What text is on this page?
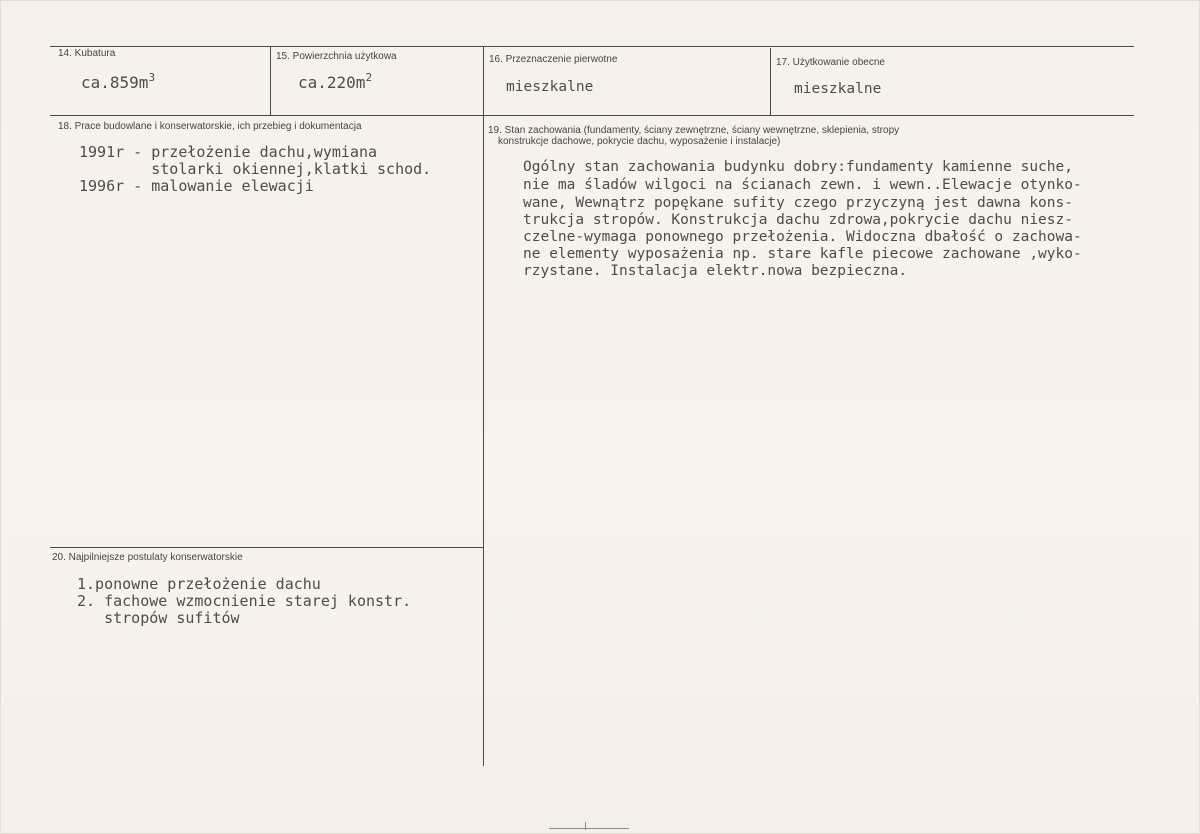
14. Kubatura
$ca.859m^3$
15. Powierzchnia użytkowa
$ca.220m^2$
16. Przeznaczenie pierwotne
mieszkalne
17. Użytkowanie obecne
mieszkalne
18. Prace budowlane i konserwatorskie, ich przebieg i dokumentacja
1991r - przełożenie dachu,wymiana
stolarki okiennej,klatki schod.
1996r - malowanie elewacji
19. Stan zachowania (fundamenty, ściany zewnętrzne, ściany wewnętrzne, sklepienia, stropy
konstrukcje dachowe, pokrycie dachu, wyposażenie i instalacje)
Ogólny stan zachowania budynku dobry:fundamenty kamienne suche,
nie ma śladów wilgoci na ścianach zewn. i wewn..Elewacje otynko-
wane, Wewnątrz popękane sufity czego przyczyną jest dawna kons-
trukcja stropów. Konstrukcja dachu zdrowa,pokrycie dachu niesz-
czelne-wymaga ponownego przełożenia. Widoczna dbałość o zachowa-
ne elementy wyposażenia np. stare kafle piecowe zachowane ,wyko-
rzystane. Instalacja elektr.nowa bezpieczna.
20. Najpilniejsze postulaty konserwatorskie
1.ponowne przełożenie dachu
2. fachowe wzmocnienie starej konstr.
stropów sufitów
